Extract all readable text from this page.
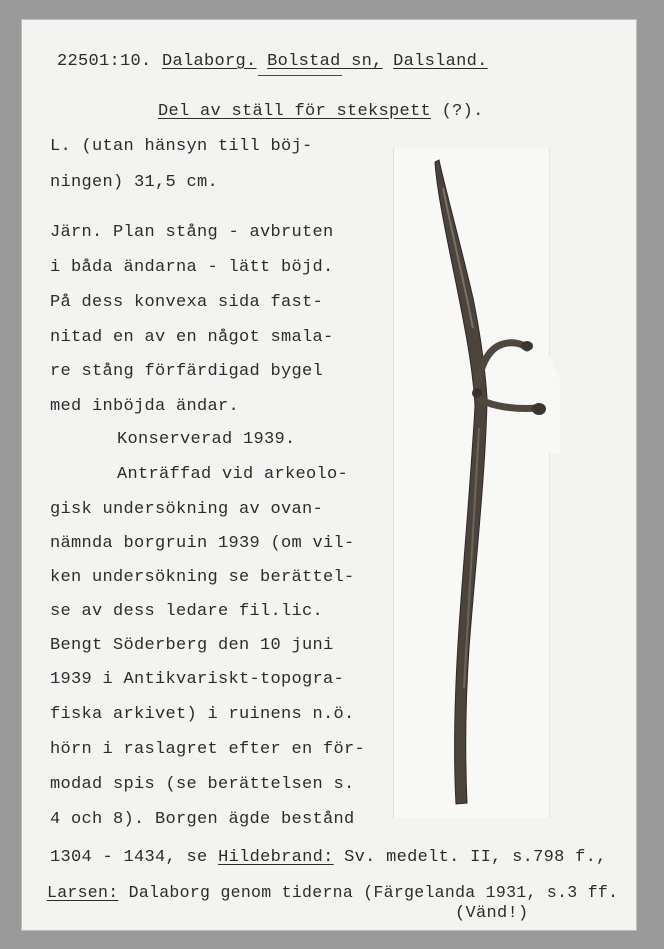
22501:10. Dalaborg. Bolstad sn, Dalsland.
Del av ställ för stekspett (?).
L. (utan hänsyn till böj-
ningen) 31,5 cm.
Järn. Plan stång - avbruten
i båda ändarna - lätt böjd.
På dess konvexa sida fast-
nitad en av en något smala-
re stång förfärdigad bygel
med inböjda ändar.
Konserverad 1939.
Anträffad vid arkeolo-
gisk undersökning av ovan-
nämnda borgruin 1939 (om vil-
ken undersökning se berättel-
se av dess ledare fil.lic.
Bengt Söderberg den 10 juni
1939 i Antikvariskt-topogra-
fiska arkivet) i ruinens n.ö.
hörn i raslagret efter en för-
modad spis (se berättelsen s.
4 och 8). Borgen ägde bestånd
1304 - 1434, se Hildebrand: Sv. medelt. II, s.798 f.,
Larsen: Dalaborg genom tiderna (Färgelanda 1931, s.3 ff.
(Vänd!)
